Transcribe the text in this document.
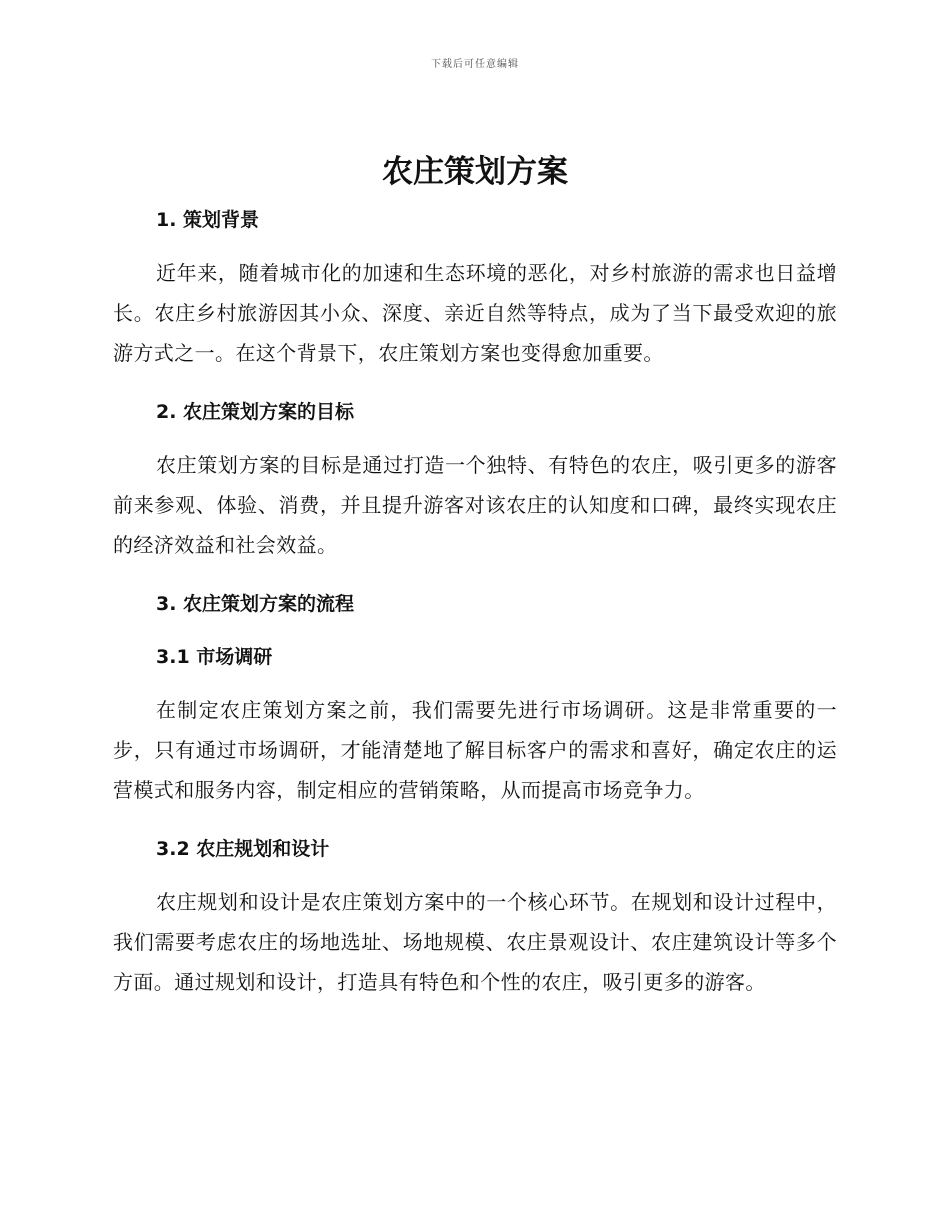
下载后可任意编辑
农庄策划方案
1. 策划背景

近年来，随着城市化的加速和生态环境的恶化，对乡村旅游的需求也日益增长。农庄乡村旅游因其小众、深度、亲近自然等特点，成为了当下最受欢迎的旅游方式之一。在这个背景下，农庄策划方案也变得愈加重要。

2. 农庄策划方案的目标

农庄策划方案的目标是通过打造一个独特、有特色的农庄，吸引更多的游客前来参观、体验、消费，并且提升游客对该农庄的认知度和口碑，最终实现农庄的经济效益和社会效益。

3. 农庄策划方案的流程
3.1 市场调研

在制定农庄策划方案之前，我们需要先进行市场调研。这是非常重要的一步，只有通过市场调研，才能清楚地了解目标客户的需求和喜好，确定农庄的运营模式和服务内容，制定相应的营销策略，从而提高市场竞争力。

3.2 农庄规划和设计

农庄规划和设计是农庄策划方案中的一个核心环节。在规划和设计过程中，我们需要考虑农庄的场地选址、场地规模、农庄景观设计、农庄建筑设计等多个方面。通过规划和设计，打造具有特色和个性的农庄，吸引更多的游客。
